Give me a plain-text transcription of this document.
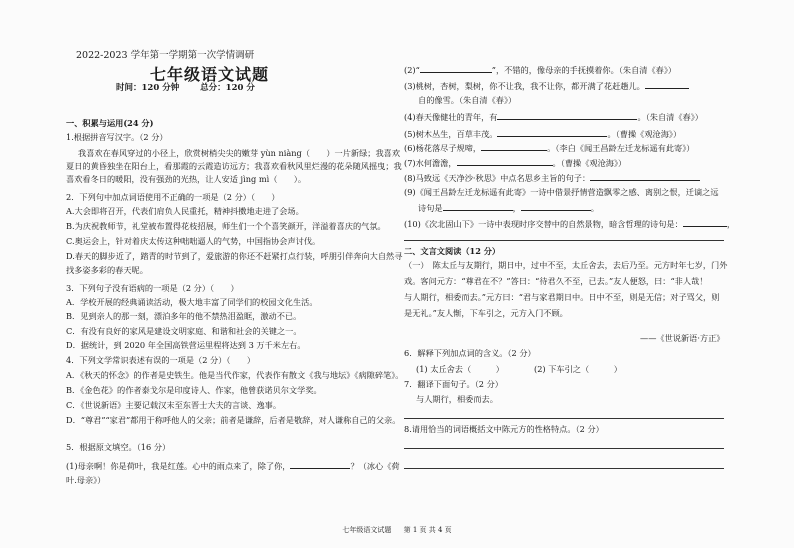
2022-2023 学年第一学期第一次学情调研
七年级语文试题
时间：120 分钟 总分：120 分
一、积累与运用(24 分)
1.根据拼音写汉字。（2 分）
我喜欢在春风穿过的小径上，欣赏树梢尖尖的嫩芽 yùn niàng（　　）一片新绿；我喜欢
夏日的黄昏独坐在阳台上，看那霞的云霞造访远方；我喜欢看秋风里烂漫的花朵随风摇曳；我
喜欢看冬日的暖阳，没有强劲的光热，让人安适 jìng mì（　　）。
2．下列句中加点词语使用不正确的一项是（2 分）（　　）
A.大会即将召开，代表们肩负人民重托，精神抖擞地走进了会场。
B.为庆祝教师节，礼堂被布置得花枝招展，师生们一个个喜笑颜开，洋溢着喜庆的气氛。
C.奥运会上，针对着庆太传这种咄咄逼人的气势，中国指协会声讨伐。
D.春天的脚步近了，踏青的时节到了，爱旅游的你还不赶紧打点行装，呼朋引伴奔向大自然寻
找多姿多彩的春天呢。
3．下列句子没有语病的一项是（2 分）（　　）
A．学校开展的经典诵读活动，极大地丰富了同学们的校园文化生活。
B．见到亲人的那一刻，漂泊多年的他不禁热泪盈眶，激动不已。
C．有没有良好的家风是建设文明家庭、和谐和社会的关键之一。
D．据统计，到 2020 年全国高铁营运里程将达到 3 万千米左右。
4．下列文学常识表述有误的一项是（2 分）（　　）
A．《秋天的怀念》的作者是史铁生。他是当代作家，代表作有散文《我与地坛》《病隙碎笔》。
B．《金色花》的作者泰戈尔是印度诗人、作家，他曾获诺贝尔文学奖。
C．《世说新语》主要记载汉末至东晋士大夫的言谈、逸事。
D．“尊君”“家君”都用于称呼他人的父亲；前者是谦辞，后者是敬辞，对人谦称自己的父亲。
5．根据原文填空。（16 分）
(1)母亲啊！你是荷叶，我是红莲。心中的雨点来了，除了你，	？（冰心《荷
叶.母亲》）
(2)“	”，不错的，像母亲的手抚摸着你。（朱自清《春》）
(3)桃树，杏树，梨树，你不让我，我不让你，都开满了花赶趟儿。
自的像雪。（朱自清《春》）
(4)春天像健壮的青年，有	。（朱自清《春》）
(5)树木丛生，百草丰茂。	。（曹操《观沧海》）
(6)杨花落尽子规啼，	。（李白《闻王昌龄左迁龙标遥有此寄》）
(7)水何澹澹，	。（曹操《观沧海》）
(8)马致远《天净沙·秋思》中点名思乡主旨的句子：
(9)《闻王昌龄左迁龙标遥有此寄》一诗中借景抒情营造飘零之感、离别之恨，迁谪之远
诗句是	，	。
(10)《次北固山下》一诗中表现时序交替中的自然景物，暗含哲理的诗句是：	，
二、文言文阅读（12 分）
（一）　陈太丘与友期行，期日中，过中不至，太丘舍去，去后乃至。元方时年七岁，门外
戏。客问元方：“尊君在不？”答曰：“待君久不至，已去。”友人便怒，曰：“非人哉！
与人期行，相委而去。”元方曰：“君与家君期日中。日中不至，则是无信；对子骂父，则
是无礼。”友人惭，下车引之，元方入门不顾。
——《世说新语·方正》
6．解释下列加点词的含义。（2 分）
(1) 太丘舍去（　　　）	(2) 下车引之（　　　）
7．翻译下面句子。（2 分）
与人期行，相委而去。
8.请用恰当的词语概括文中陈元方的性格特点。（2 分）
七年级语文试题 第 1 页 共 4 页
